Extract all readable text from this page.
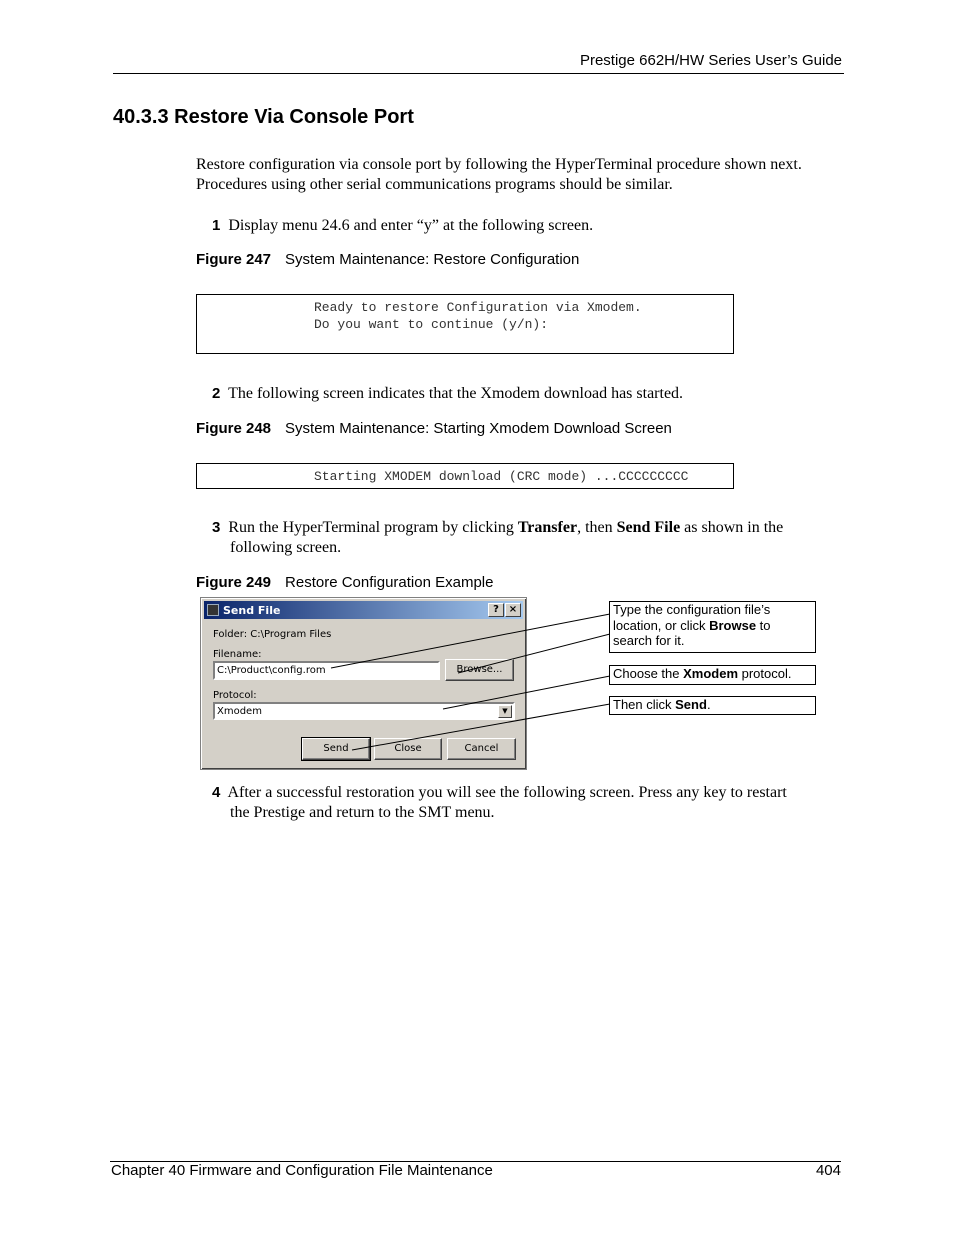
Prestige 662H/HW Series User’s Guide
40.3.3 Restore Via Console Port
Restore configuration via console port by following the HyperTerminal procedure shown next.
Procedures using other serial communications programs should be similar.
1 Display menu 24.6 and enter “y” at the following screen.
Figure 247 System Maintenance: Restore Configuration
Ready to restore Configuration via Xmodem.
Do you want to continue (y/n):
2 The following screen indicates that the Xmodem download has started.
Figure 248 System Maintenance: Starting Xmodem Download Screen
Starting XMODEM download (CRC mode) ...CCCCCCCCC
3 Run the HyperTerminal program by clicking Transfer, then Send File as shown in the
following screen.
Figure 249 Restore Configuration Example
Send File	? ×
Folder: C:\Program Files
Filename:
C:\Product\config.rom	Browse...
Protocol:
Xmodem	▼
Send	Close	Cancel
Type the configuration file’s
location, or click Browse to
search for it.
Choose the Xmodem protocol.
Then click Send.
4 After a successful restoration you will see the following screen. Press any key to restart
the Prestige and return to the SMT menu.
Chapter 40 Firmware and Configuration File Maintenance	404
